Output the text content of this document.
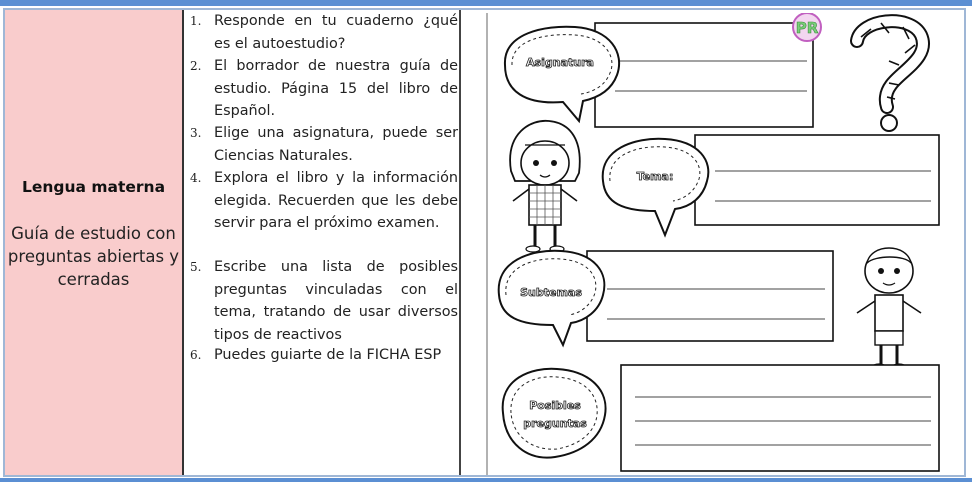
Lengua materna
Guía de estudio con preguntas abiertas y cerradas
1. Responde en tu cuaderno ¿qué es el autoestudio?
2. El borrador de nuestra guía de estudio. Página 15 del libro de Español.
3. Elige una asignatura, puede ser Ciencias Naturales.
4. Explora el libro y la información elegida. Recuerden que les debe servir para el próximo examen.
5. Escribe una lista de posibles preguntas vinculadas con el tema, tratando de usar diversos tipos de reactivos
6. Puedes guiarte de la FICHA ESP
Asignatura
PR
Tema:
Subtemas
Posibles
preguntas
